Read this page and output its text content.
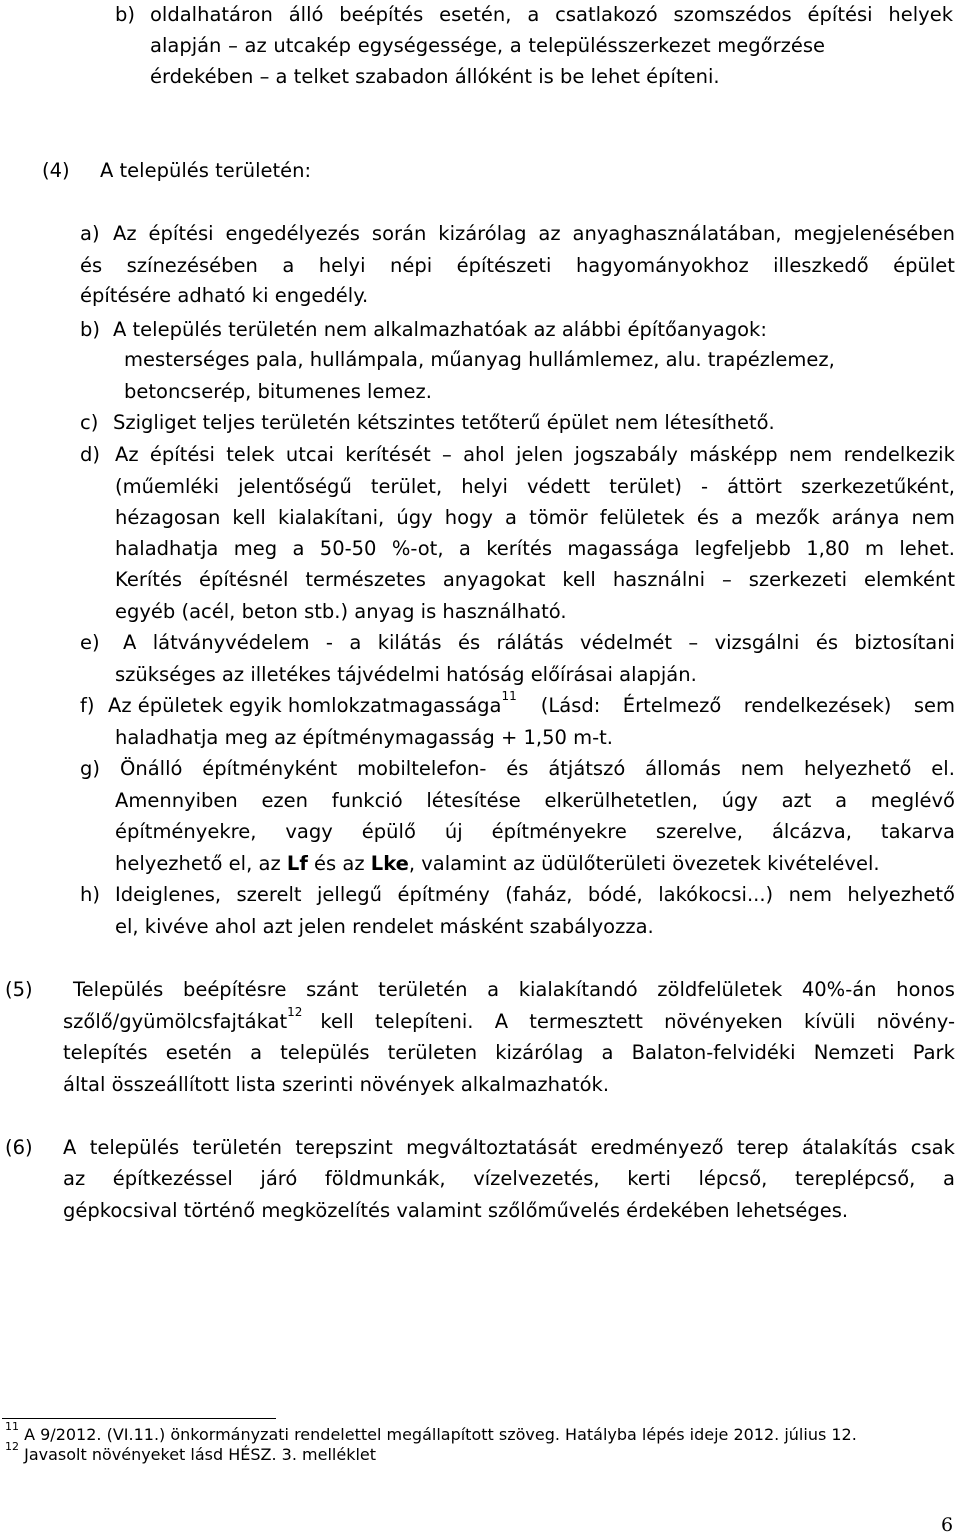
b) oldalhatáron álló beépítés esetén, a csatlakozó szomszédos építési helyek
alapján – az utcakép egységessége, a településszerkezet megőrzése
érdekében – a telket szabadon állóként is be lehet építeni.
(4) A település területén:
a) Az építési engedélyezés során kizárólag az anyaghasználatában, megjelenésében
és színezésében a helyi népi építészeti hagyományokhoz illeszkedő épület
építésére adható ki engedély.
b) A település területén nem alkalmazhatóak az alábbi építőanyagok:
mesterséges pala, hullámpala, műanyag hullámlemez, alu. trapézlemez,
betoncserép, bitumenes lemez.
c) Szigliget teljes területén kétszintes tetőterű épület nem létesíthető.
d) Az építési telek utcai kerítését – ahol jelen jogszabály másképp nem rendelkezik
(műemléki jelentőségű terület, helyi védett terület) - áttört szerkezetűként,
hézagosan kell kialakítani, úgy hogy a tömör felületek és a mezők aránya nem
haladhatja meg a 50-50 %-ot, a kerítés magassága legfeljebb 1,80 m lehet.
Kerítés építésnél természetes anyagokat kell használni – szerkezeti elemként
egyéb (acél, beton stb.) anyag is használható.
e) A látványvédelem - a kilátás és rálátás védelmét – vizsgálni és biztosítani
szükséges az illetékes tájvédelmi hatóság előírásai alapján.
f) Az épületek egyik homlokzatmagassága 11 (Lásd: Értelmező rendelkezések) sem
haladhatja meg az építménymagasság + 1,50 m-t.
g) Önálló építményként mobiltelefon- és átjátszó állomás nem helyezhető el.
Amennyiben ezen funkció létesítése elkerülhetetlen, úgy azt a meglévő
építményekre, vagy épülő új építményekre szerelve, álcázva, takarva
helyezhető el, az
Lf
és az
Lke , valamint az üdülőterületi övezetek kivételével.
h) Ideiglenes, szerelt jellegű építmény (faház, bódé, lakókocsi...) nem helyezhető
el, kivéve ahol azt jelen rendelet másként szabályozza.
(5) Település beépítésre szánt területén a kialakítandó zöldfelületek 40%-án honos
szőlő/gyümölcsfajtákat 12 kell telepíteni. A termesztett növényeken kívüli növény-
telepítés esetén a település területen kizárólag a Balaton-felvidéki Nemzeti Park
által összeállított lista szerinti növények alkalmazhatók.
(6) A település területén terepszint megváltoztatását eredményező terep átalakítás csak
az építkezéssel járó földmunkák, vízelvezetés, kerti lépcső, tereplépcső, a
gépkocsival történő megközelítés valamint szőlőművelés érdekében lehetséges.
11
A 9/2012. (VI.11.) önkormányzati rendelettel megállapított szöveg. Hatályba lépés ideje 2012. július 12.
12
Javasolt növényeket lásd HÉSZ. 3. melléklet
6
